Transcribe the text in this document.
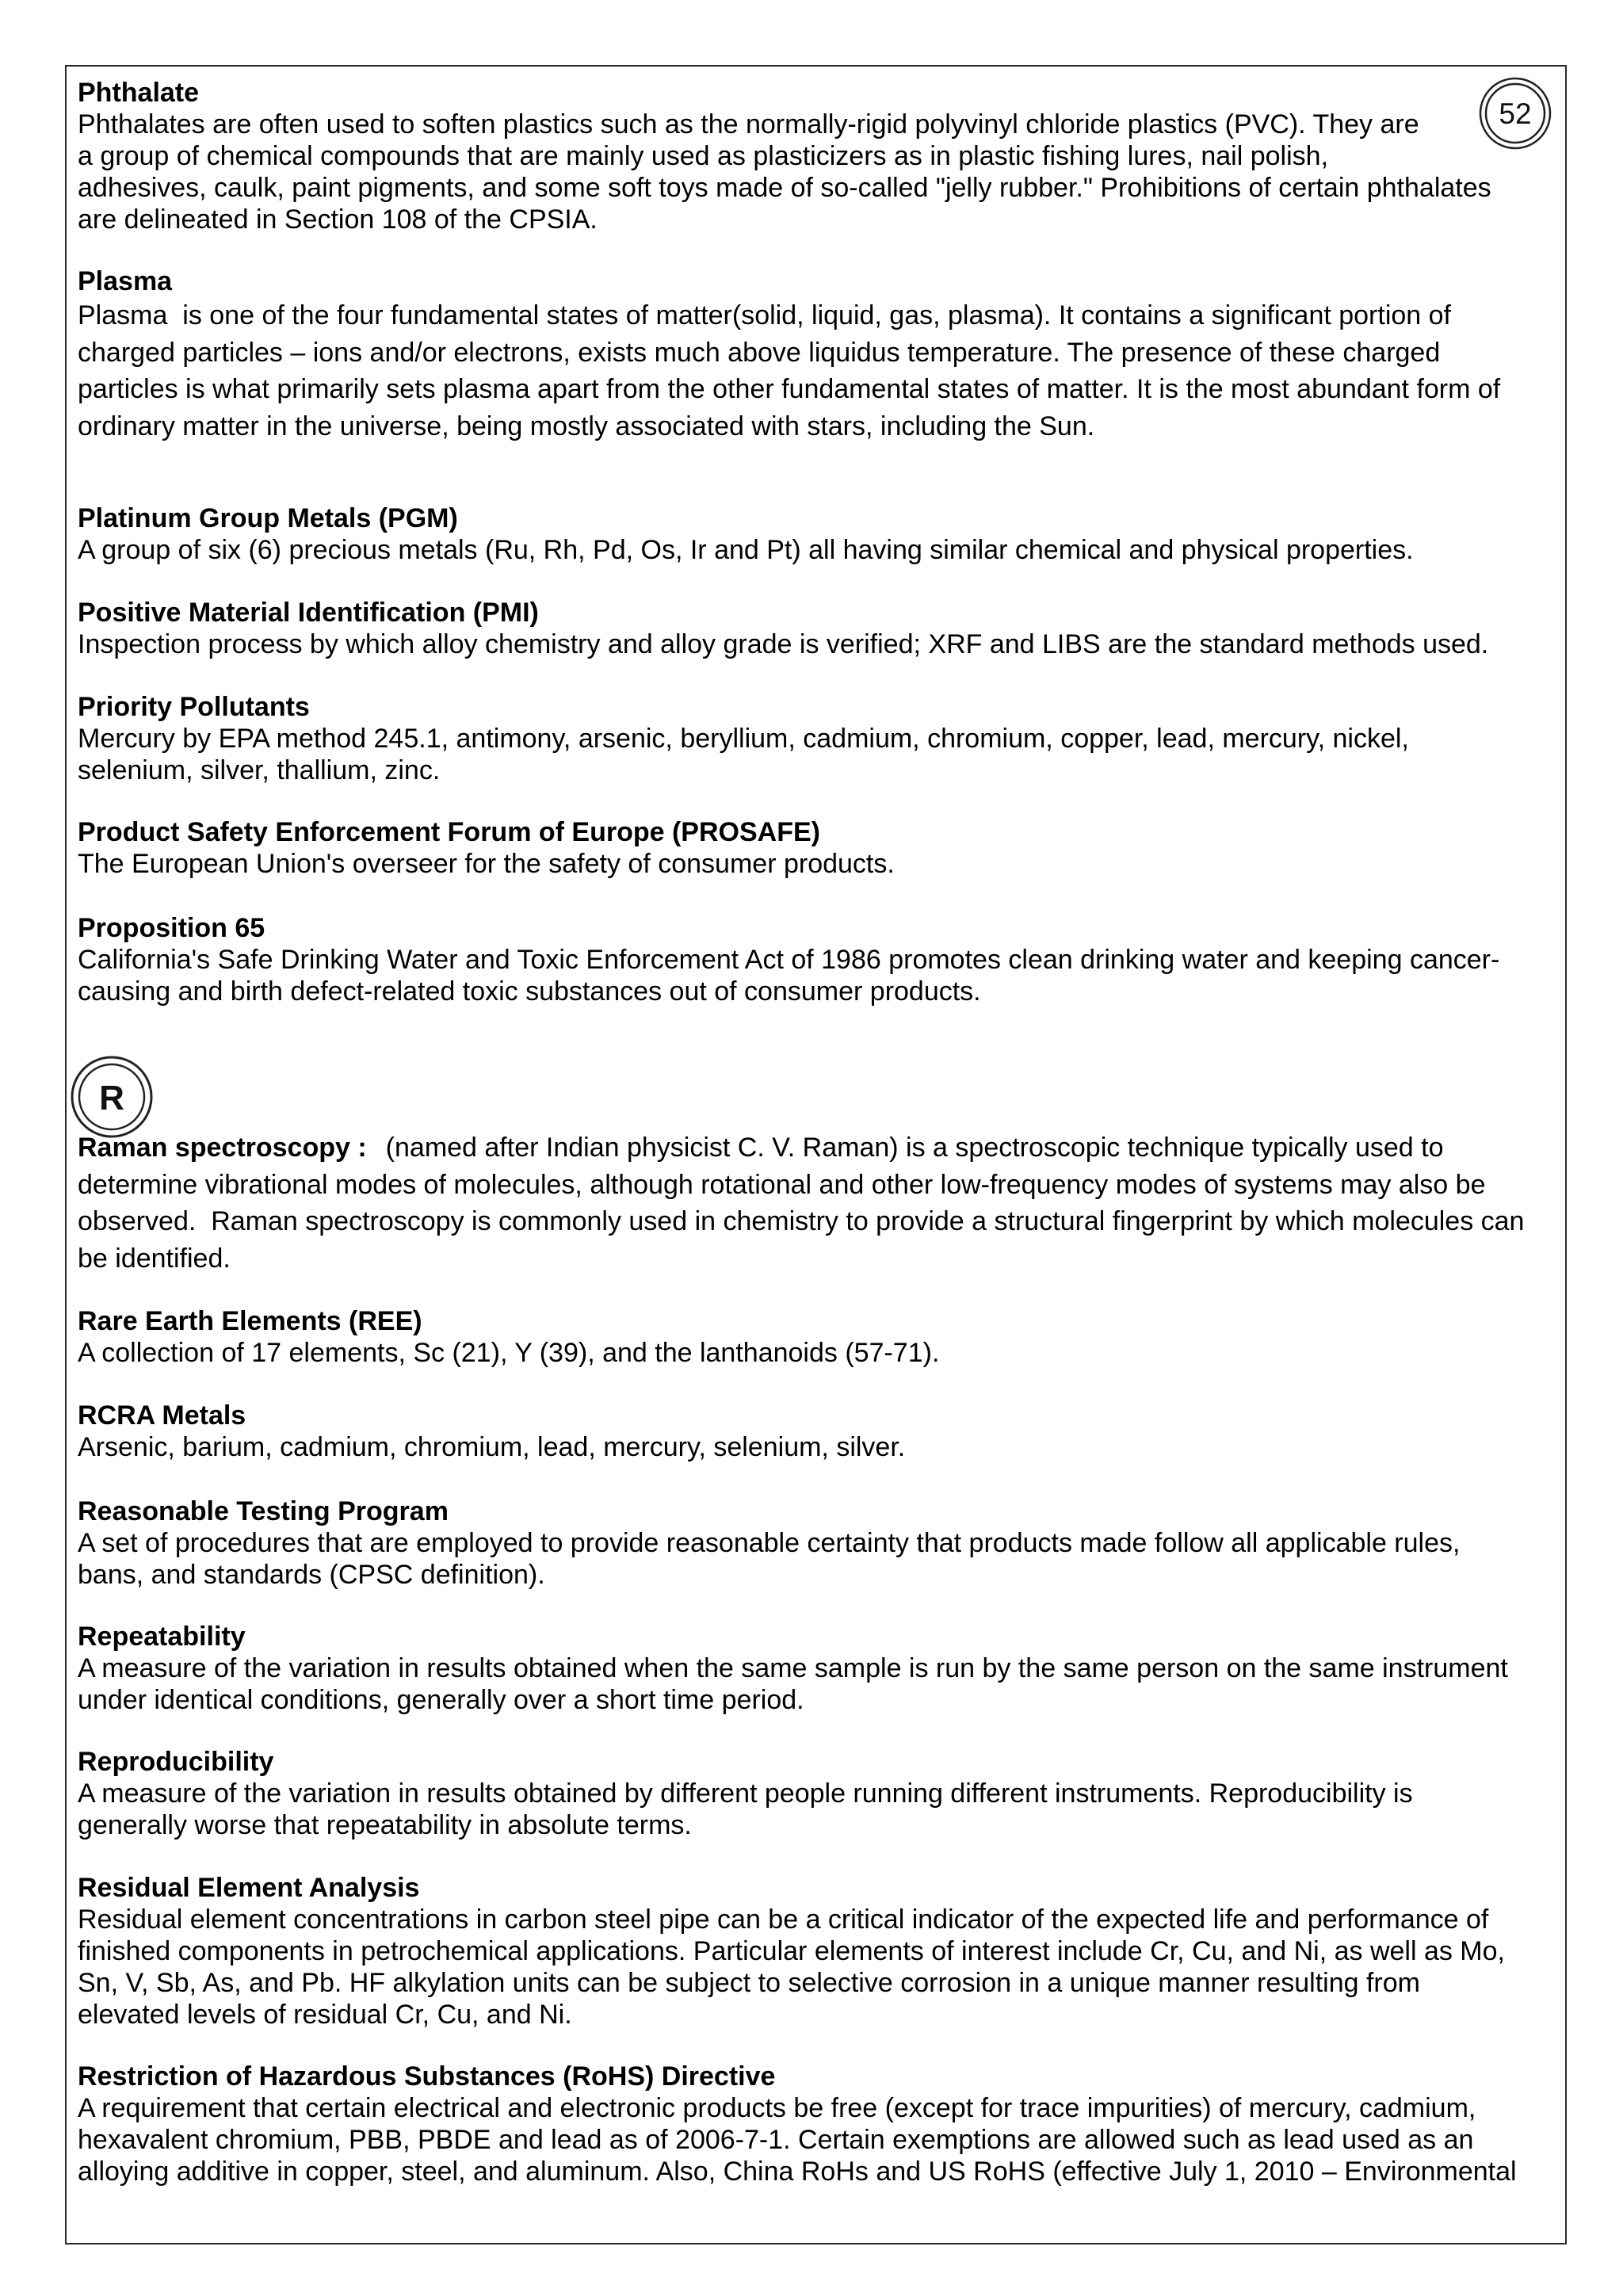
52
Phthalate
Phthalates are often used to soften plastics such as the normally-rigid polyvinyl chloride plastics (PVC). They are
a group of chemical compounds that are mainly used as plasticizers as in plastic fishing lures, nail polish,
adhesives, caulk, paint pigments, and some soft toys made of so-called "jelly rubber." Prohibitions of certain phthalates
are delineated in Section 108 of the CPSIA.
Plasma
Plasma  is one of the four fundamental states of matter(solid, liquid, gas, plasma). It contains a significant portion of
charged particles – ions and/or electrons, exists much above liquidus temperature. The presence of these charged
particles is what primarily sets plasma apart from the other fundamental states of matter. It is the most abundant form of
ordinary matter in the universe, being mostly associated with stars, including the Sun.
Platinum Group Metals (PGM)
A group of six (6) precious metals (Ru, Rh, Pd, Os, Ir and Pt) all having similar chemical and physical properties.
Positive Material Identification (PMI)
Inspection process by which alloy chemistry and alloy grade is verified; XRF and LIBS are the standard methods used.
Priority Pollutants
Mercury by EPA method 245.1, antimony, arsenic, beryllium, cadmium, chromium, copper, lead, mercury, nickel,
selenium, silver, thallium, zinc.
Product Safety Enforcement Forum of Europe (PROSAFE)
The European Union's overseer for the safety of consumer products.
Proposition 65
California's Safe Drinking Water and Toxic Enforcement Act of 1986 promotes clean drinking water and keeping cancer-
causing and birth defect-related toxic substances out of consumer products.
R
Raman spectroscopy : (named after Indian physicist C. V. Raman) is a spectroscopic technique typically used to
determine vibrational modes of molecules, although rotational and other low-frequency modes of systems may also be
observed.  Raman spectroscopy is commonly used in chemistry to provide a structural fingerprint by which molecules can
be identified.
Rare Earth Elements (REE)
A collection of 17 elements, Sc (21), Y (39), and the lanthanoids (57-71).
RCRA Metals
Arsenic, barium, cadmium, chromium, lead, mercury, selenium, silver.
Reasonable Testing Program
A set of procedures that are employed to provide reasonable certainty that products made follow all applicable rules,
bans, and standards (CPSC definition).
Repeatability
A measure of the variation in results obtained when the same sample is run by the same person on the same instrument
under identical conditions, generally over a short time period.
Reproducibility
A measure of the variation in results obtained by different people running different instruments. Reproducibility is
generally worse that repeatability in absolute terms.
Residual Element Analysis
Residual element concentrations in carbon steel pipe can be a critical indicator of the expected life and performance of
finished components in petrochemical applications. Particular elements of interest include Cr, Cu, and Ni, as well as Mo,
Sn, V, Sb, As, and Pb. HF alkylation units can be subject to selective corrosion in a unique manner resulting from
elevated levels of residual Cr, Cu, and Ni.
Restriction of Hazardous Substances (RoHS) Directive
A requirement that certain electrical and electronic products be free (except for trace impurities) of mercury, cadmium,
hexavalent chromium, PBB, PBDE and lead as of 2006-7-1. Certain exemptions are allowed such as lead used as an
alloying additive in copper, steel, and aluminum. Also, China RoHs and US RoHS (effective July 1, 2010 – Environmental
